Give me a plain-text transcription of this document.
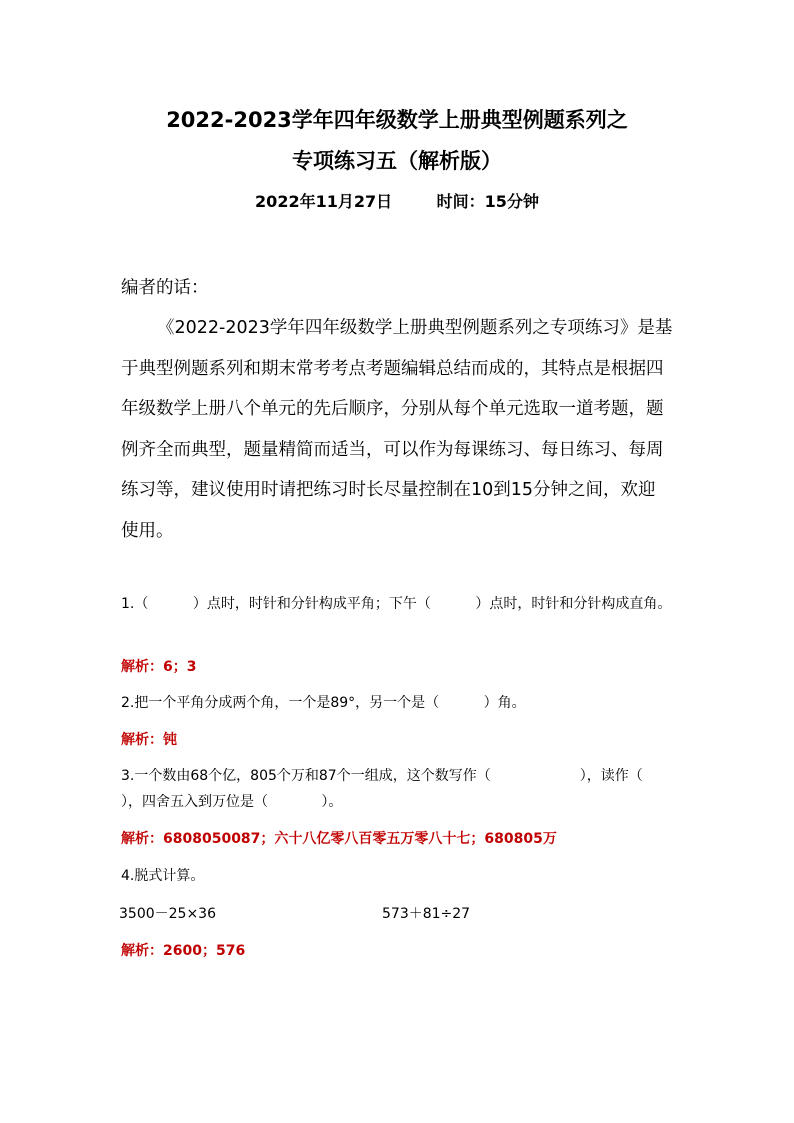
2022-2023学年四年级数学上册典型例题系列之
专项练习五（解析版）
2022年11月27日        时间：15分钟
编者的话：
《2022-2023学年四年级数学上册典型例题系列之专项练习》是基于典型例题系列和期末常考考点考题编辑总结而成的，其特点是根据四年级数学上册八个单元的先后顺序，分别从每个单元选取一道考题，题例齐全而典型，题量精简而适当，可以作为每课练习、每日练习、每周练习等，建议使用时请把练习时长尽量控制在10到15分钟之间，欢迎使用。
1.（          ）点时，时针和分针构成平角；下午（          ）点时，时针和分针构成直角。
解析：6；3
2.把一个平角分成两个角，一个是89°，另一个是（          ）角。
解析：钝
3.一个数由68个亿，805个万和87个一组成，这个数写作（                    ），读作（                              ），四舍五入到万位是（            ）。
解析：6808050087；六十八亿零八百零五万零八十七；680805万
4.脱式计算。
3500－25×36	573＋81÷27
解析：2600；576
